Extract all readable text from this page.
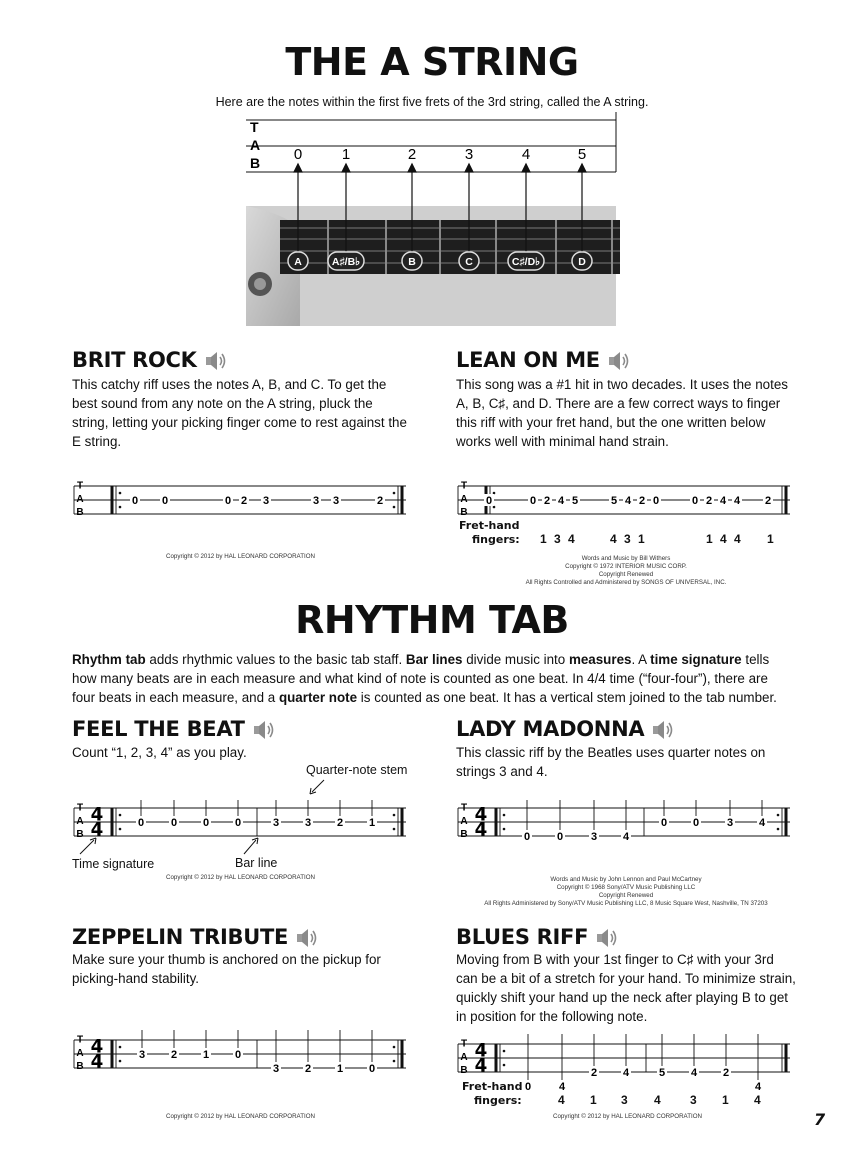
THE A STRING
Here are the notes within the first five frets of the 3rd string, called the A string.
T
A
B 0	1	2	3	4	5
A	A♯/B♭	B	C	C♯/D♭	D
BRIT ROCK
This catchy riff uses the notes A, B, and C. To get the best sound from any note on the A string, pluck the string, letting your picking finger come to rest against the E string.
T
A
B
0 0	0 2 3	3 3	2
Copyright © 2012 by HAL LEONARD CORPORATION
LEAN ON ME
This song was a #1 hit in two decades. It uses the notes A, B, C♯, and D. There are a few correct ways to finger this riff with your fret hand, but the one written below works well with minimal hand strain.
T
A
B
0	0 2 4 5	5 4 2 0	0 2 4 4 2
Fret-hand
fingers: 1 3 4	4 3 1	1 4 4 1
Words and Music by Bill Withers
Copyright © 1972 INTERIOR MUSIC CORP.
Copyright Renewed
All Rights Controlled and Administered by SONGS OF UNIVERSAL, INC.
RHYTHM TAB
Rhythm tab adds rhythmic values to the basic tab staff. Bar lines divide music into measures. A time signature tells how many beats are in each measure and what kind of note is counted as one beat. In 4/4 time (“four-four”), there are four beats in each measure, and a quarter note is counted as one beat. It has a vertical stem joined to the tab number.
FEEL THE BEAT
Count “1, 2, 3, 4” as you play.
Quarter-note stem
T
A
B
4
4	0 0 0 0	3 3 2 1
Time signature	Bar line
Copyright © 2012 by HAL LEONARD CORPORATION
LADY MADONNA
This classic riff by the Beatles uses quarter notes on strings 3 and 4.
T
A
B
4
4	0 0	3 4
0 0	3 4
Words and Music by John Lennon and Paul McCartney
Copyright © 1968 Sony/ATV Music Publishing LLC
Copyright Renewed
All Rights Administered by Sony/ATV Music Publishing LLC, 8 Music Square West, Nashville, TN 37203
ZEPPELIN TRIBUTE
Make sure your thumb is anchored on the pickup for picking-hand stability.
T
A
B
4
4	3 2 1 0
3 2 1 0
Copyright © 2012 by HAL LEONARD CORPORATION
BLUES RIFF
Moving from B with your 1st finger to C♯ with your 3rd can be a bit of a stretch for your hand. To minimize strain, quickly shift your hand up the neck after playing B to get in position for the following note.
T
A
B
4
4
0	4
2 4	5 4 2
4
Fret-hand
fingers:	4 1 3 4 3 1 4
Copyright © 2012 by HAL LEONARD CORPORATION	7
